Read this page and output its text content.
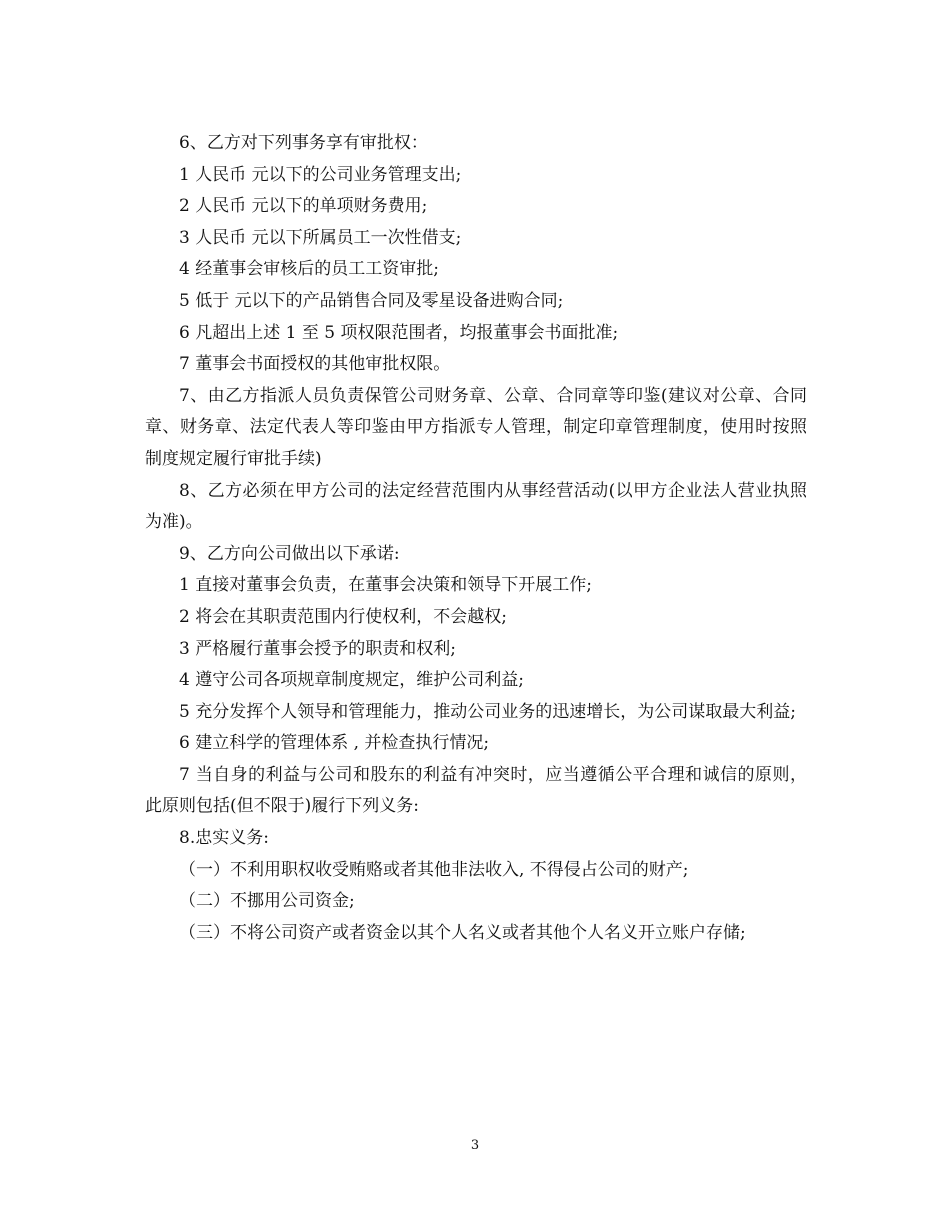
6、乙方对下列事务享有审批权：

1 人民币 元以下的公司业务管理支出;

2 人民币 元以下的单项财务费用;

3 人民币 元以下所属员工一次性借支;

4 经董事会审核后的员工工资审批;

5 低于 元以下的产品销售合同及零星设备进购合同;

6 凡超出上述 1 至 5 项权限范围者，均报董事会书面批准;

7 董事会书面授权的其他审批权限。

7、由乙方指派人员负责保管公司财务章、公章、合同章等印鉴(建议对公章、合同章、财务章、法定代表人等印鉴由甲方指派专人管理，制定印章管理制度，使用时按照制度规定履行审批手续)

8、乙方必须在甲方公司的法定经营范围内从事经营活动(以甲方企业法人营业执照为准)。

9、乙方向公司做出以下承诺:

1 直接对董事会负责，在董事会决策和领导下开展工作;

2 将会在其职责范围内行使权利，不会越权;

3 严格履行董事会授予的职责和权利;

4 遵守公司各项规章制度规定，维护公司利益;

5 充分发挥个人领导和管理能力，推动公司业务的迅速增长，为公司谋取最大利益;

6 建立科学的管理体系 , 并检查执行情况;

7 当自身的利益与公司和股东的利益有冲突时，应当遵循公平合理和诚信的原则，此原则包括(但不限于)履行下列义务:

8.忠实义务:

（一）不利用职权收受贿赂或者其他非法收入, 不得侵占公司的财产;

（二）不挪用公司资金;

（三）不将公司资产或者资金以其个人名义或者其他个人名义开立账户存储;

3
